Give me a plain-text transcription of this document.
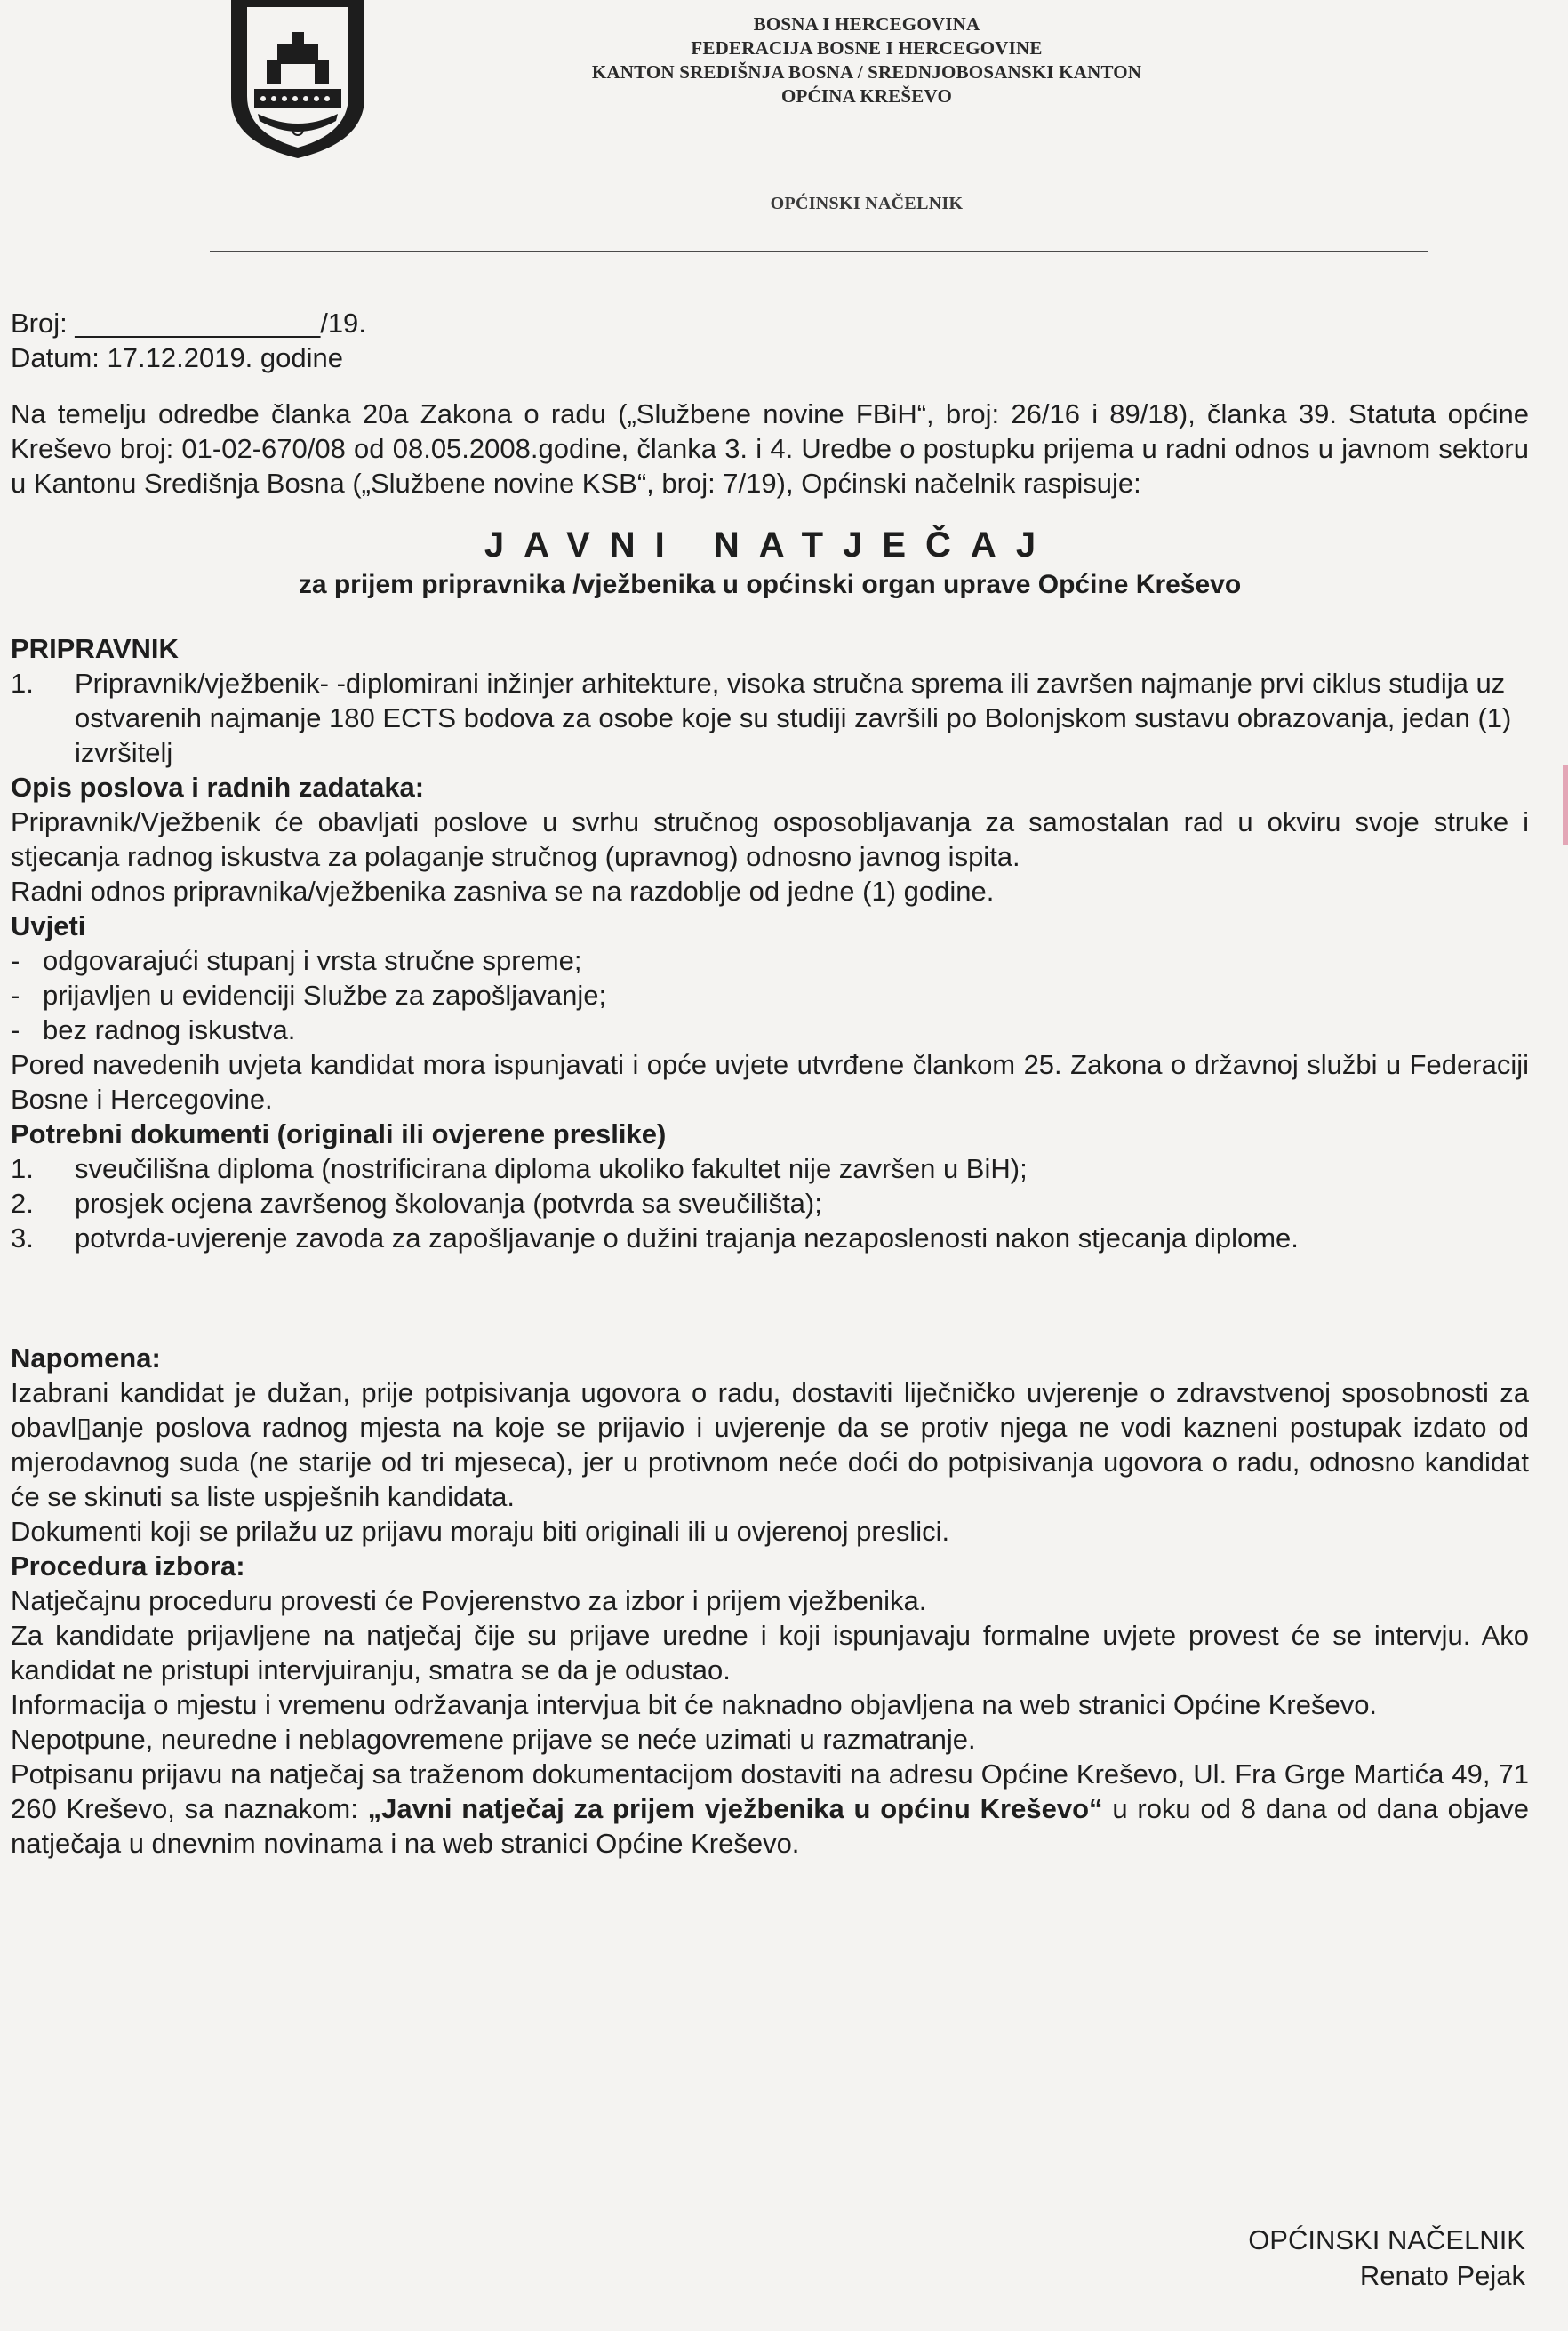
BOSNA I HERCEGOVINA
FEDERACIJA BOSNE I HERCEGOVINE
KANTON SREDIŠNJA BOSNA / SREDNJOBOSANSKI KANTON
OPĆINA KREŠEVO
OPĆINSKI NAČELNIK

Broj: ________________/19.

Datum: 17.12.2019. godine

Na temelju odredbe članka 20a Zakona o radu („Službene novine FBiH“, broj: 26/16 i 89/18), članka 39. Statuta općine Kreševo broj: 01-02-670/08 od 08.05.2008.godine, članka 3. i 4. Uredbe o postupku prijema u radni odnos u javnom sektoru u Kantonu Središnja Bosna („Službene novine KSB“, broj: 7/19), Općinski načelnik raspisuje:

JAVNI NATJEČAJ

za prijem pripravnika /vježbenika u općinski organ uprave Općine Kreševo

PRIPRAVNIK

1. Pripravnik/vježbenik- -diplomirani inžinjer arhitekture, visoka stručna sprema ili završen najmanje prvi ciklus studija uz ostvarenih najmanje 180 ECTS bodova za osobe koje su studiji završili po Bolonjskom sustavu obrazovanja, jedan (1) izvršitelj

Opis poslova i radnih zadataka:

Pripravnik/Vježbenik će obavljati poslove u svrhu stručnog osposobljavanja za samostalan rad u okviru svoje struke i stjecanja radnog iskustva za polaganje stručnog (upravnog) odnosno javnog ispita.

Radni odnos pripravnika/vježbenika zasniva se na razdoblje od jedne (1) godine.

Uvjeti

- odgovarajući stupanj i vrsta stručne spreme;
- prijavljen u evidenciji Službe za zapošljavanje;
- bez radnog iskustva.

Pored navedenih uvjeta kandidat mora ispunjavati i opće uvjete utvrđene člankom 25. Zakona o državnoj službi u Federaciji Bosne i Hercegovine.

Potrebni dokumenti (originali ili ovjerene preslike)

1. sveučilišna diploma (nostrificirana diploma ukoliko fakultet nije završen u BiH);
2. prosjek ocjena završenog školovanja (potvrda sa sveučilišta);
3. potvrda-uvjerenje zavoda za zapošljavanje o dužini trajanja nezaposlenosti nakon stjecanja diplome.

Napomena:

Izabrani kandidat je dužan, prije potpisivanja ugovora o radu, dostaviti liječničko uvjerenje o zdravstvenoj sposobnosti za obavl▯anje poslova radnog mjesta na koje se prijavio i uvjerenje da se protiv njega ne vodi kazneni postupak izdato od mjerodavnog suda (ne starije od tri mjeseca), jer u protivnom neće doći do potpisivanja ugovora o radu, odnosno kandidat će se skinuti sa liste uspješnih kandidata.

Dokumenti koji se prilažu uz prijavu moraju biti originali ili u ovjerenoj preslici.

Procedura izbora:

Natječajnu proceduru provesti će Povjerenstvo za izbor i prijem vježbenika.

Za kandidate prijavljene na natječaj čije su prijave uredne i koji ispunjavaju formalne uvjete provest će se intervju. Ako kandidat ne pristupi intervjuiranju, smatra se da je odustao.

Informacija o mjestu i vremenu održavanja intervjua bit će naknadno objavljena na web stranici Općine Kreševo.

Nepotpune, neuredne i neblagovremene prijave se neće uzimati u razmatranje.

Potpisanu prijavu na natječaj sa traženom dokumentacijom dostaviti na adresu Općine Kreševo, Ul. Fra Grge Martića 49, 71 260 Kreševo, sa naznakom: „Javni natječaj za prijem vježbenika u općinu Kreševo“ u roku od 8 dana od dana objave natječaja u dnevnim novinama i na web stranici Općine Kreševo.

OPĆINSKI NAČELNIK
Renato Pejak
